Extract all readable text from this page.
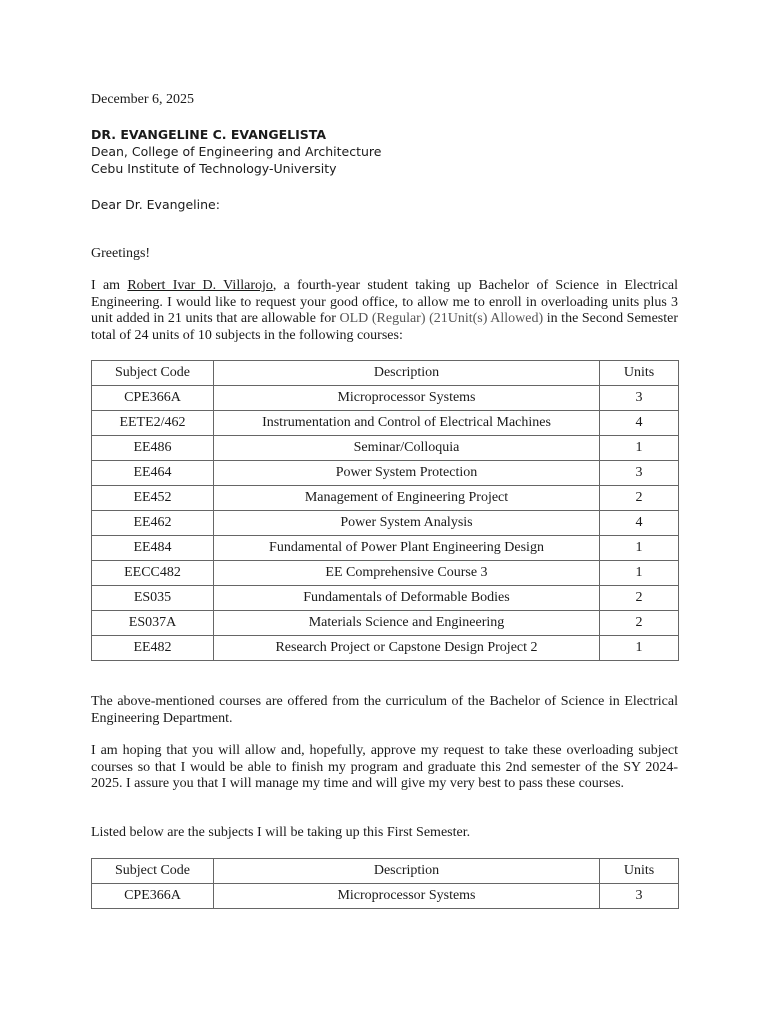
December 6, 2025
DR. EVANGELINE C. EVANGELISTA
Dean, College of Engineering and Architecture
Cebu Institute of Technology-University
Dear Dr. Evangeline:
Greetings!
I am Robert Ivar D. Villarojo, a fourth-year student taking up Bachelor of Science in Electrical Engineering. I would like to request your good office, to allow me to enroll in overloading units plus 3 unit added in 21 units that are allowable for OLD (Regular) (21Unit(s) Allowed) in the Second Semester total of 24 units of 10 subjects in the following courses:
Subject Code	Description	Units
CPE366A	Microprocessor Systems	3
EETE2/462	Instrumentation and Control of Electrical Machines	4
EE486	Seminar/Colloquia	1
EE464	Power System Protection	3
EE452	Management of Engineering Project	2
EE462	Power System Analysis	4
EE484	Fundamental of Power Plant Engineering Design	1
EECC482	EE Comprehensive Course 3	1
ES035	Fundamentals of Deformable Bodies	2
ES037A	Materials Science and Engineering	2
EE482	Research Project or Capstone Design Project 2	1
The above-mentioned courses are offered from the curriculum of the Bachelor of Science in Electrical Engineering Department.
I am hoping that you will allow and, hopefully, approve my request to take these overloading subject courses so that I would be able to finish my program and graduate this 2nd semester of the SY 2024-2025. I assure you that I will manage my time and will give my very best to pass these courses.
Listed below are the subjects I will be taking up this First Semester.
Subject Code	Description	Units
CPE366A	Microprocessor Systems	3
